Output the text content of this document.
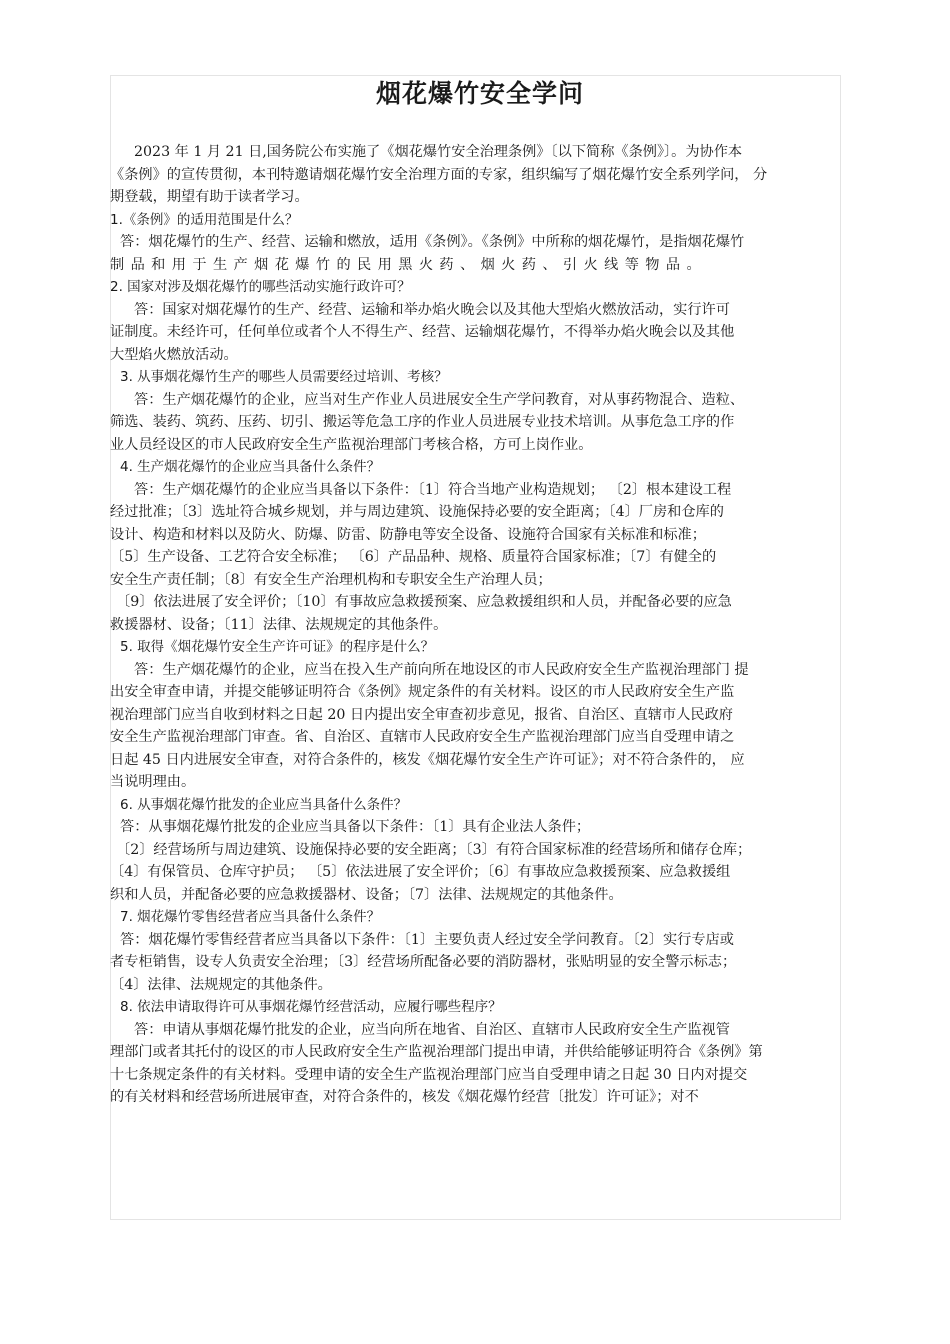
烟花爆竹安全学问

2023 年 1 月 21 日,国务院公布实施了《烟花爆竹安全治理条例》〔以下简称《条例》〕。为协作本

《条例》的宣传贯彻，本刊特邀请烟花爆竹安全治理方面的专家，组织编写了烟花爆竹安全系列学问， 分

期登载，期望有助于读者学习。

1.《条例》的适用范围是什么？

答：烟花爆竹的生产、经营、运输和燃放，适用《条例》。《条例》中所称的烟花爆竹，是指烟花爆竹

制品和用于生产烟花爆竹的民用黑火药、烟火药、引火线等物品。

2. 国家对涉及烟花爆竹的哪些活动实施行政许可？

答：国家对烟花爆竹的生产、经营、运输和举办焰火晚会以及其他大型焰火燃放活动，实行许可

证制度。未经许可，任何单位或者个人不得生产、经营、运输烟花爆竹，不得举办焰火晚会以及其他

大型焰火燃放活动。

3. 从事烟花爆竹生产的哪些人员需要经过培训、考核？

答：生产烟花爆竹的企业，应当对生产作业人员进展安全生产学问教育，对从事药物混合、造粒、

筛选、装药、筑药、压药、切引、搬运等危急工序的作业人员进展专业技术培训。从事危急工序的作

业人员经设区的市人民政府安全生产监视治理部门考核合格，方可上岗作业。

4. 生产烟花爆竹的企业应当具备什么条件？

答：生产烟花爆竹的企业应当具备以下条件：〔1〕符合当地产业构造规划； 〔2〕根本建设工程

经过批准；〔3〕选址符合城乡规划，并与周边建筑、设施保持必要的安全距离；〔4〕厂房和仓库的

设计、构造和材料以及防火、防爆、防雷、防静电等安全设备、设施符合国家有关标准和标准；

〔5〕生产设备、工艺符合安全标准； 〔6〕产品品种、规格、质量符合国家标准；〔7〕有健全的

安全生产责任制；〔8〕有安全生产治理机构和专职安全生产治理人员；

〔9〕依法进展了安全评价；〔10〕有事故应急救援预案、应急救援组织和人员，并配备必要的应急

救援器材、设备；〔11〕法律、法规规定的其他条件。

5. 取得《烟花爆竹安全生产许可证》的程序是什么？

答：生产烟花爆竹的企业，应当在投入生产前向所在地设区的市人民政府安全生产监视治理部门 提

出安全审查申请，并提交能够证明符合《条例》规定条件的有关材料。设区的市人民政府安全生产监

视治理部门应当自收到材料之日起 20 日内提出安全审查初步意见，报省、自治区、直辖市人民政府

安全生产监视治理部门审查。省、自治区、直辖市人民政府安全生产监视治理部门应当自受理申请之

日起 45 日内进展安全审查，对符合条件的，核发《烟花爆竹安全生产许可证》；对不符合条件的， 应

当说明理由。

6. 从事烟花爆竹批发的企业应当具备什么条件？

答：从事烟花爆竹批发的企业应当具备以下条件：〔1〕具有企业法人条件；

〔2〕经营场所与周边建筑、设施保持必要的安全距离；〔3〕有符合国家标准的经营场所和储存仓库；

〔4〕有保管员、仓库守护员； 〔5〕依法进展了安全评价；〔6〕有事故应急救援预案、应急救援组

织和人员，并配备必要的应急救援器材、设备；〔7〕法律、法规规定的其他条件。

7. 烟花爆竹零售经营者应当具备什么条件？

答：烟花爆竹零售经营者应当具备以下条件：〔1〕主要负责人经过安全学问教育。〔2〕实行专店或

者专柜销售，设专人负责安全治理；〔3〕经营场所配备必要的消防器材，张贴明显的安全警示标志；

〔4〕法律、法规规定的其他条件。

8. 依法申请取得许可从事烟花爆竹经营活动，应履行哪些程序？

答：申请从事烟花爆竹批发的企业，应当向所在地省、自治区、直辖市人民政府安全生产监视管

理部门或者其托付的设区的市人民政府安全生产监视治理部门提出申请，并供给能够证明符合《条例》第

十七条规定条件的有关材料。受理申请的安全生产监视治理部门应当自受理申请之日起 30 日内对提交

的有关材料和经营场所进展审查，对符合条件的，核发《烟花爆竹经营〔批发〕许可证》；对不
